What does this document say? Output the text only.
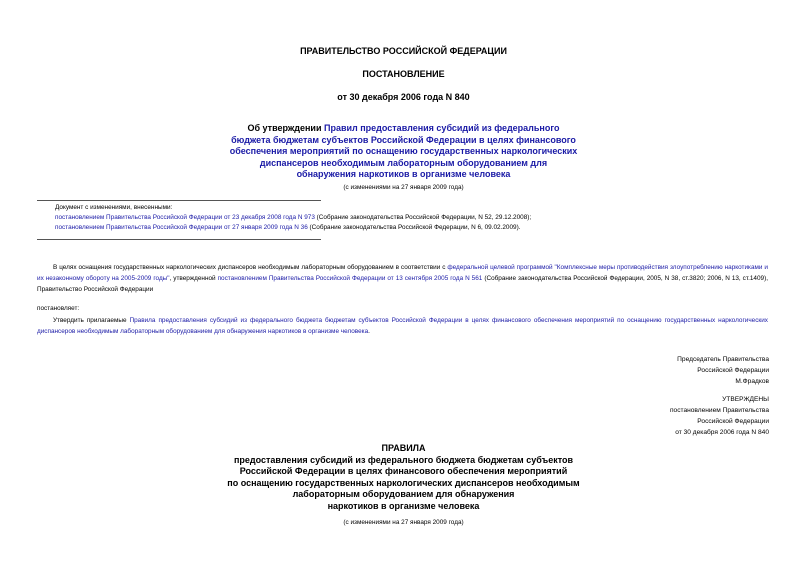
ПРАВИТЕЛЬСТВО РОССИЙСКОЙ ФЕДЕРАЦИИ
ПОСТАНОВЛЕНИЕ
от 30 декабря 2006 года N 840
Об утверждении Правил предоставления субсидий из федерального
бюджета бюджетам субъектов Российской Федерации в целях финансового
обеспечения мероприятий по оснащению государственных наркологических
диспансеров необходимым лабораторным оборудованием для
обнаружения наркотиков в организме человека
(с изменениями на 27 января 2009 года)
Документ с изменениями, внесенными:
постановлением Правительства Российской Федерации от 23 декабря 2008 года N 973 (Собрание законодательства Российской Федерации, N 52, 29.12.2008);
постановлением Правительства Российской Федерации от 27 января 2009 года N 36 (Собрание законодательства Российской Федерации, N 6, 09.02.2009).
В целях оснащения государственных наркологических диспансеров необходимым лабораторным оборудованием в соответствии с федеральной целевой программой "Комплексные меры противодействия злоупотреблению наркотиками и их незаконному обороту на 2005-2009 годы", утвержденной постановлением Правительства Российской Федерации от 13 сентября 2005 года N 561 (Собрание законодательства Российской Федерации, 2005, N 38, ст.3820; 2006, N 13, ст.1409), Правительство Российской Федерации
постановляет:
Утвердить прилагаемые Правила предоставления субсидий из федерального бюджета бюджетам субъектов Российской Федерации в целях финансового обеспечения мероприятий по оснащению государственных наркологических диспансеров необходимым лабораторным оборудованием для обнаружения наркотиков в организме человека.
Председатель Правительства
Российской Федерации
М.Фрадков
УТВЕРЖДЕНЫ
постановлением Правительства
Российской Федерации
от 30 декабря 2006 года N 840
ПРАВИЛА
предоставления субсидий из федерального бюджета бюджетам субъектов
Российской Федерации в целях финансового обеспечения мероприятий
по оснащению государственных наркологических диспансеров необходимым
лабораторным оборудованием для обнаружения
наркотиков в организме человека
(с изменениями на 27 января 2009 года)
